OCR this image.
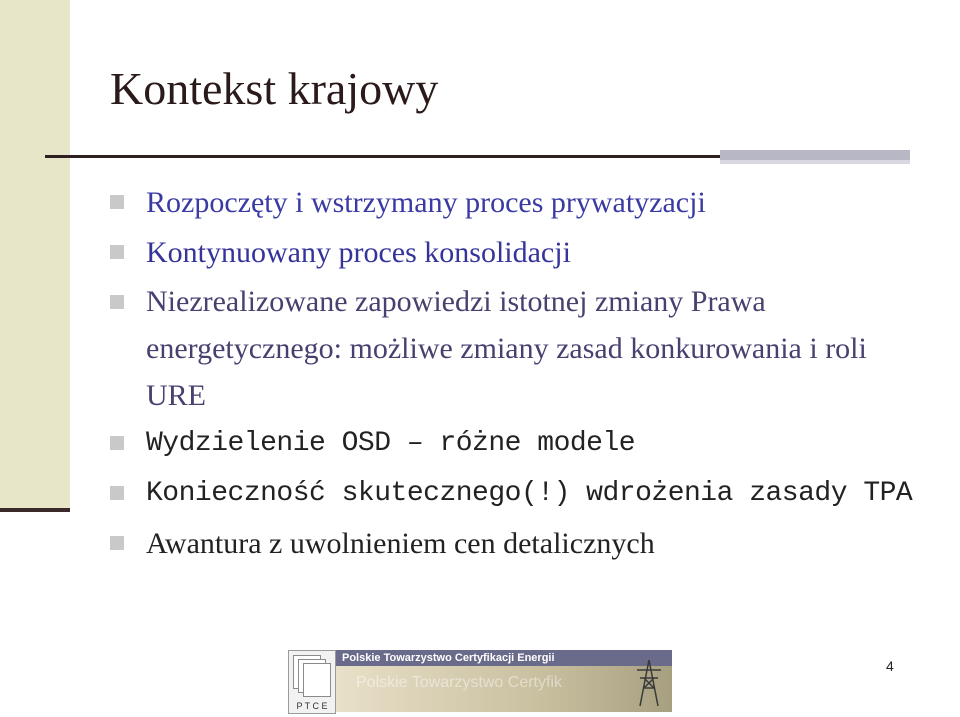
Kontekst krajowy
Rozpoczęty i wstrzymany proces prywatyzacji
Kontynuowany proces konsolidacji
Niezrealizowane zapowiedzi istotnej zmiany Prawa energetycznego: możliwe zmiany zasad konkurowania i roli URE
Wydzielenie OSD – różne modele
Konieczność skutecznego(!) wdrożenia zasady TPA
Awantura z uwolnieniem cen detalicznych
P T C E
Polskie Towarzystwo Certyfikacji Energii
Polskie Towarzystwo Certyfik
4
